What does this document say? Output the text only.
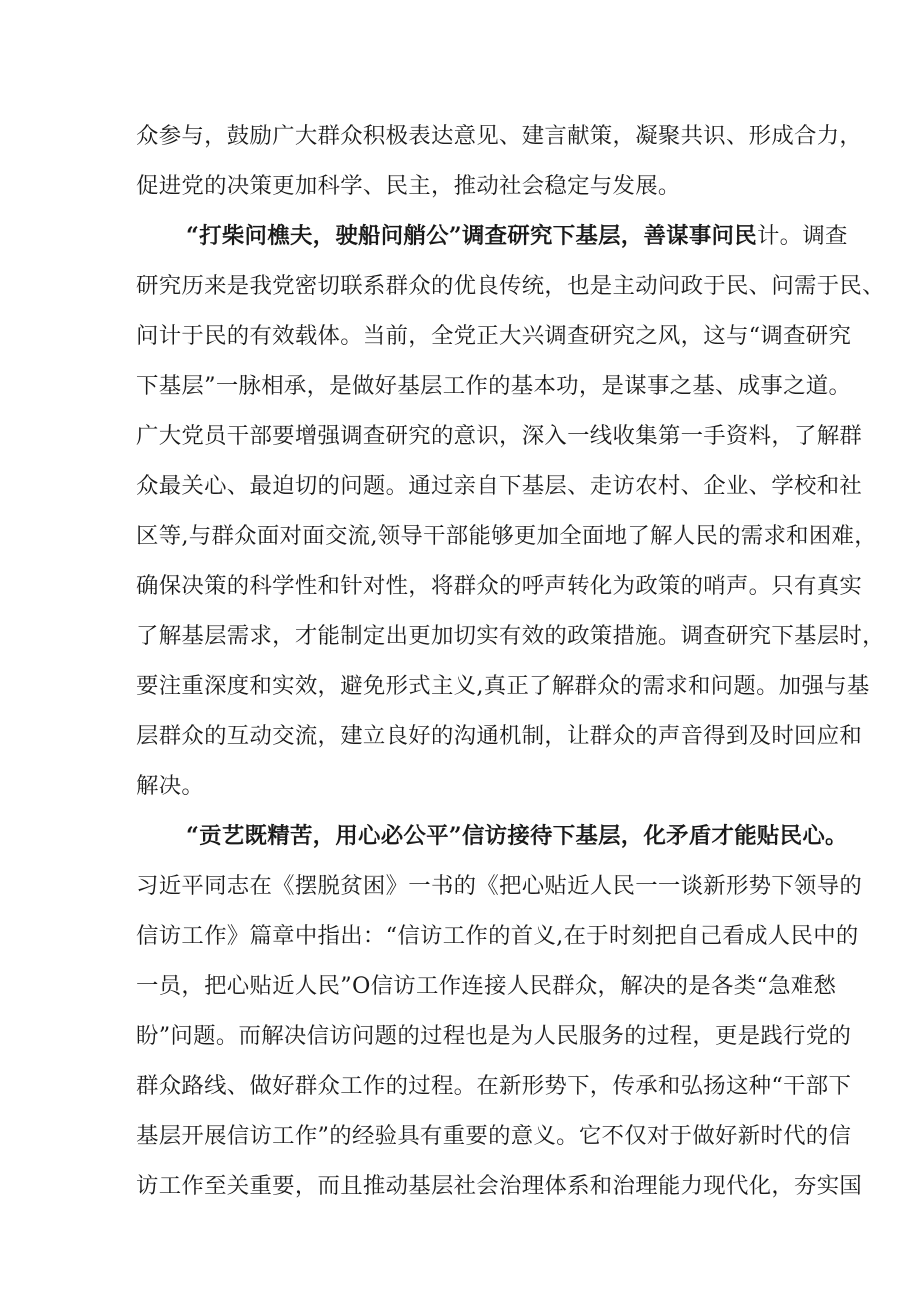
众参与，鼓励广大群众积极表达意见、建言献策，凝聚共识、形成合力，
促进党的决策更加科学、民主，推动社会稳定与发展。
“打柴问樵夫，驶船问艄公”调查研究下基层，善谋事问民计。调查
研究历来是我党密切联系群众的优良传统，也是主动问政于民、问需于民、
问计于民的有效载体。当前，全党正大兴调查研究之风，这与“调查研究
下基层”一脉相承，是做好基层工作的基本功，是谋事之基、成事之道。
广大党员干部要增强调查研究的意识，深入一线收集第一手资料，了解群
众最关心、最迫切的问题。通过亲自下基层、走访农村、企业、学校和社
区等,与群众面对面交流,领导干部能够更加全面地了解人民的需求和困难，
确保决策的科学性和针对性，将群众的呼声转化为政策的哨声。只有真实
了解基层需求，才能制定出更加切实有效的政策措施。调查研究下基层时，
要注重深度和实效，避免形式主义,真正了解群众的需求和问题。加强与基
层群众的互动交流，建立良好的沟通机制，让群众的声音得到及时回应和
解决。
“贡艺既精苦，用心必公平”信访接待下基层，化矛盾才能贴民心。
习近平同志在《摆脱贫困》一书的《把心贴近人民一一谈新形势下领导的
信访工作》篇章中指出：“信访工作的首义,在于时刻把自己看成人民中的
一员，把心贴近人民”O信访工作连接人民群众，解决的是各类“急难愁
盼”问题。而解决信访问题的过程也是为人民服务的过程，更是践行党的
群众路线、做好群众工作的过程。在新形势下，传承和弘扬这种“干部下
基层开展信访工作”的经验具有重要的意义。它不仅对于做好新时代的信
访工作至关重要，而且推动基层社会治理体系和治理能力现代化，夯实国
